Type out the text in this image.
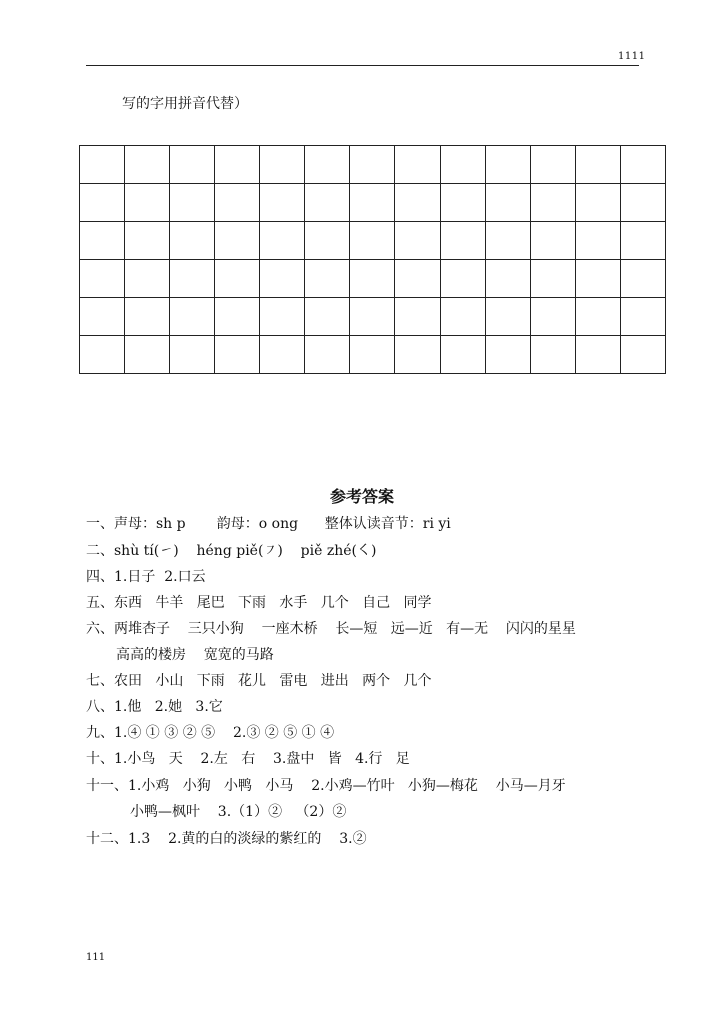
1111
写的字用拼音代替）

参考答案
一、声母：sh p       韵母：o ong      整体认读音节：ri yi
二、shù tí(㇀)    héng piě(㇇)    piě zhé(㇛)
四、1.日子  2.口云
五、东西   牛羊   尾巴   下雨   水手   几个   自己   同学
六、两堆杏子    三只小狗    一座木桥    长—短   远—近   有—无    闪闪的星星
高高的楼房    宽宽的马路
七、农田   小山   下雨   花儿   雷电   进出   两个   几个
八、1.他   2.她   3.它
九、1.④ ① ③ ② ⑤    2.③ ② ⑤ ① ④
十、1.小鸟   天    2.左   右    3.盘中   皆   4.行   足
十一、1.小鸡   小狗   小鸭   小马    2.小鸡—竹叶   小狗—梅花    小马—月牙
小鸭—枫叶    3.（1）②   （2）②
十二、1.3    2.黄的白的淡绿的紫红的    3.②
111
